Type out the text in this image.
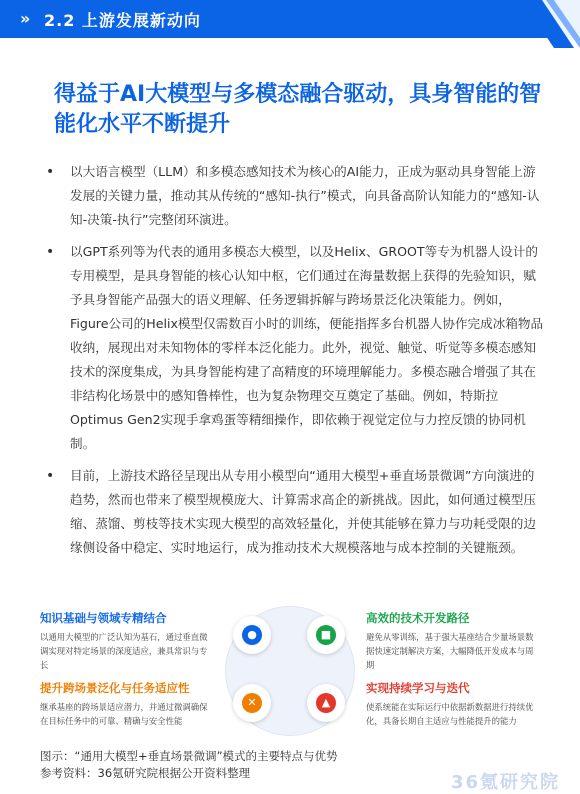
» 2.2 上游发展新动向
得益于AI大模型与多模态融合驱动，具身智能的智能化水平不断提升
• 以大语言模型（LLM）和多模态感知技术为核心的AI能力，正成为驱动具身智能上游发展的关键力量，推动其从传统的“感知-执行”模式，向具备高阶认知能力的“感知-认知-决策-执行”完整闭环演进。
• 以GPT系列等为代表的通用多模态大模型，以及Helix、GROOT等专为机器人设计的专用模型，是具身智能的核心认知中枢，它们通过在海量数据上获得的先验知识，赋予具身智能产品强大的语义理解、任务逻辑拆解与跨场景泛化决策能力。例如，Figure公司的Helix模型仅需数百小时的训练，便能指挥多台机器人协作完成冰箱物品收纳，展现出对未知物体的零样本泛化能力。此外，视觉、触觉、听觉等多模态感知技术的深度集成，为具身智能构建了高精度的环境理解能力。多模态融合增强了其在非结构化场景中的感知鲁棒性，也为复杂物理交互奠定了基础。例如，特斯拉Optimus Gen2实现手拿鸡蛋等精细操作，即依赖于视觉定位与力控反馈的协同机制。
• 目前，上游技术路径呈现出从专用小模型向“通用大模型+垂直场景微调”方向演进的趋势，然而也带来了模型规模庞大、计算需求高企的新挑战。因此，如何通过模型压缩、蒸馏、剪枝等技术实现大模型的高效轻量化，并使其能够在算力与功耗受限的边缘侧设备中稳定、实时地运行，成为推动技术大规模落地与成本控制的关键瓶颈。
知识基础与领域专精结合
以通用大模型的广泛认知为基石，通过垂直微调实现对特定场景的深度适应，兼具常识与专长
高效的技术开发路径
避免从零训练，基于强大基座结合少量场景数据快速定制解决方案，大幅降低开发成本与周期
提升跨场景泛化与任务适应性
继承基座的跨场景适应潜力，并通过微调确保在目标任务中的可靠、精确与安全性能
实现持续学习与迭代
使系统能在实际运行中依据新数据进行持续优化，具备长期自主适应与性能提升的能力
●	■
✕	▲
图示：“通用大模型+垂直场景微调”模式的主要特点与优势
参考资料：36氪研究院根据公开资料整理	36氪研究院
